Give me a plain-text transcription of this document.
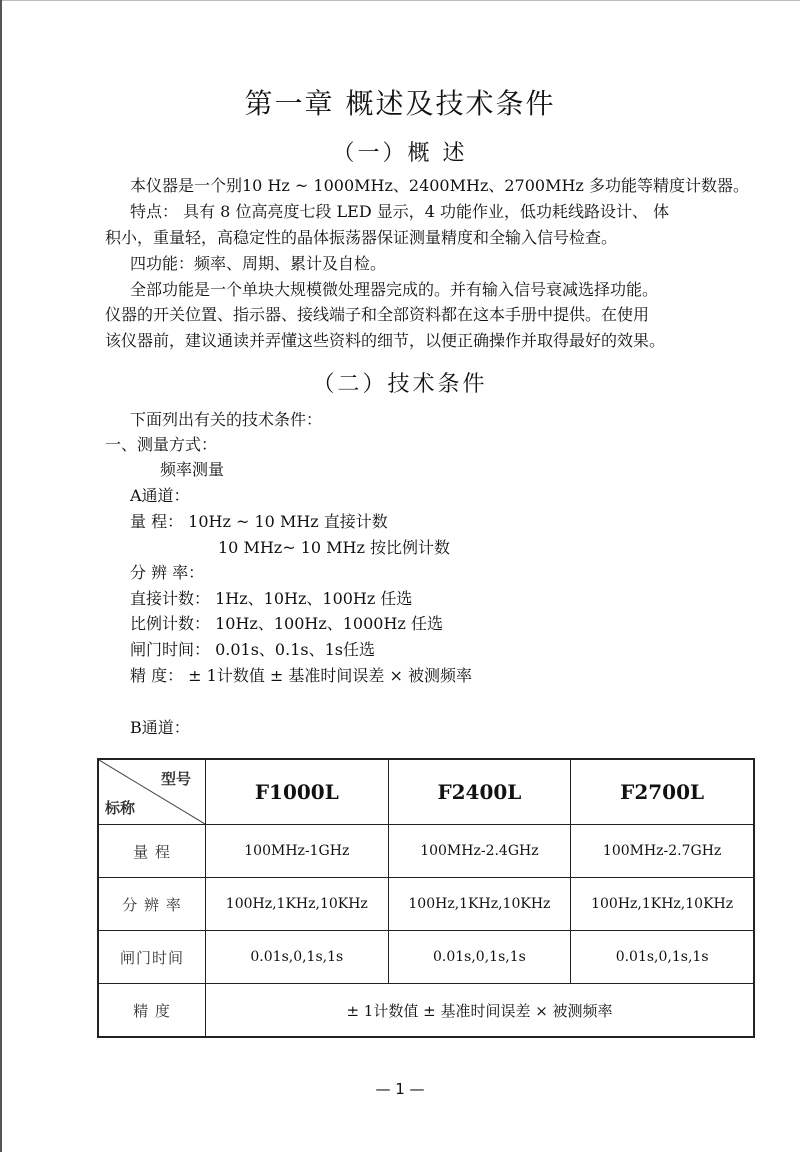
第一章 概述及技术条件
（一）概 述
本仪器是一个别10 Hz ~ 1000MHz、2400MHz、2700MHz 多功能等精度计数器。
特点： 具有 8 位高亮度七段 LED 显示，4 功能作业，低功耗线路设计、 体
积小，重量轻，高稳定性的晶体振荡器保证测量精度和全输入信号检查。
四功能：频率、周期、累计及自检。
全部功能是一个单块大规模微处理器完成的。并有输入信号衰减选择功能。
仪器的开关位置、指示器、接线端子和全部资料都在这本手册中提供。在使用
该仪器前，建议通读并弄懂这些资料的细节，以便正确操作并取得最好的效果。
（二）技术条件
下面列出有关的技术条件：
一、测量方式：
频率测量
A通道：
量 程： 10Hz ~ 10 MHz 直接计数
10 MHz~ 10 MHz 按比例计数
分 辨 率：
直接计数： 1Hz、10Hz、100Hz 任选
比例计数： 10Hz、100Hz、1000Hz 任选
闸门时间： 0.01s、0.1s、1s任选
精 度： ± 1计数值 ± 基准时间误差 × 被测频率
B通道：
型号
标称	F1000L	F2400L	F2700L
量 程	100MHz-1GHz	100MHz-2.4GHz	100MHz-2.7GHz
分 辨 率	100Hz,1KHz,10KHz	100Hz,1KHz,10KHz	100Hz,1KHz,10KHz
闸门时间	0.01s,0,1s,1s	0.01s,0,1s,1s	0.01s,0,1s,1s
精 度	± 1计数值 ± 基准时间误差 × 被测频率		
— 1 —
